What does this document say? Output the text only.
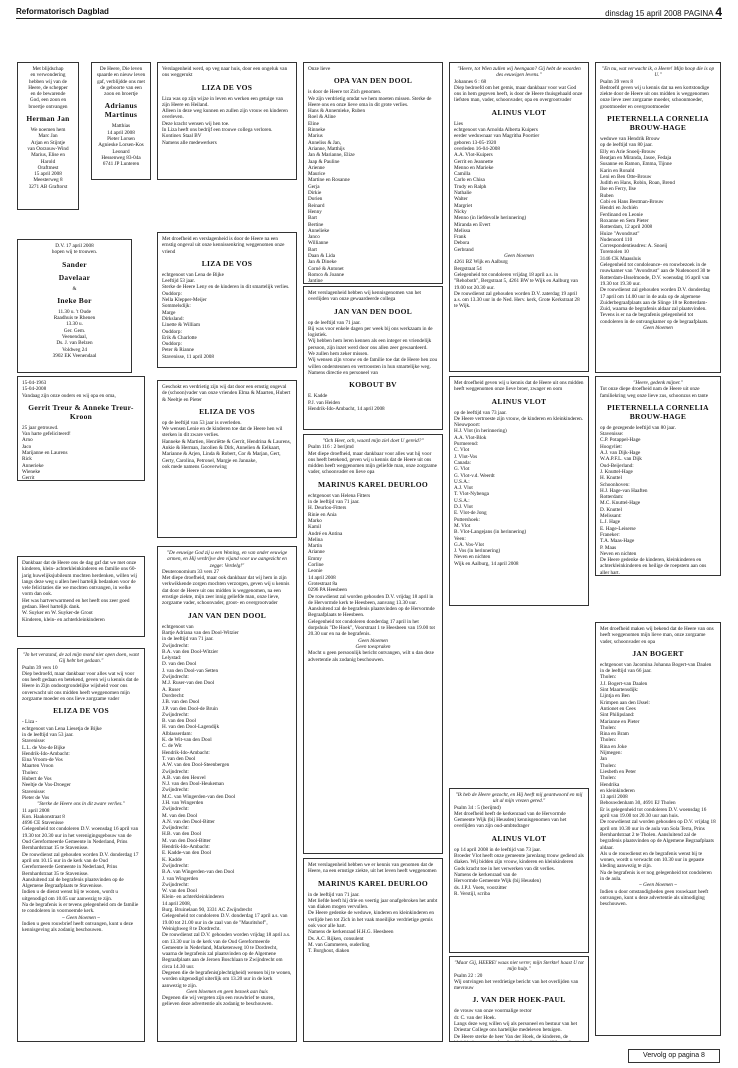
Reformatorisch Dagblad	dinsdag 15 april 2008 PAGINA 4
Met blijdschap
en verwondering
hebben wij van de
Heere, de schepper
en de bewarende
God, een zoon en
broertje ontvangen
Herman Jan
We noemen hem
Marc Jan
Arjan en Stijntje
van Oorzouw-Wind
Marius, Elise en
Harold
Oraftmest
15 april 2008
Meesterweg 8
3271 AB Graftorst
De Heere, Die leven
spaarde en nieuw leven
gaf, verblijdde ons met
de geboorte van een
zoon en broertje
Adrianus Martinus
Matthias
14 april 2008
Pieter Lorsen
Agnieske Lorsen-Kos
Leonard
Hessenweg 83-04a
6741 JP Lunteren
D.V. 17 april 2008
hopen wij te trouwen.
Sander
Davelaar
&
Ineke Bor
11.30 u. 't Oude
Raadhuis te Rhenen
13.30 u.
Ger. Gem.
Veenendaal,
Ds. J. van Belzen
Voldweg 24
3902 EK Veenendaal
15-04-1963
15-04-2008
Vandaag zijn onze ouders en wij opa en oma,
Gerrit Treur & Anneke Treur-Kroon
25 jaar getrouwd.
Van harte gefeliciteerd!
Arno
Jaco
Marijanne en Laurens
Rick
Annerieke
Wieneke
Gerrit
Dankbaar dat de Heere ons de dag gaf dat we met onze kinderen, klein- achterkleinkinderen en familie ons 60-jarig huwelijksjubileum mochten herdenken, willen wij langs deze weg u allen heel hartelijk bedanken voor de vele felicitaties die we mochten ontvangen, in welke vorm dan ook.
Het was hartverwarmend en het heeft ons zeer goed gedaan. Heel hartelijk dank.
W. Suyker en W. Suyker-de Groot
Kinderen, klein- en achterkleinkinderen
"In het verstand, de zal mijn mond niet open doen, want Gij hebt het gedaan."
Psalm 39 vers 10
Diep bedroefd, maar dankbaar voor alles wat wij voor ons heeft gedaan en betekend, geven wij u kennis dat de Heere in Zijn ondoorgrondelijke wijsheid voor ons onverwacht uit ons midden heeft weggenomen mijn zorgzame moeder en ons lieve zorgzame vader
ELIZA DE VOS
- Liza -
echtgenoot van Lena Liesetja de Bijke
in de leeftijd van 53 jaar.
Stavenisse:
L.L. de Vos-de Bijke
Hendrik-Ido-Ambacht:
Eina Vroom-de Vos
Maarten Vroon
Tholen:
Hubert de Vos
Neeltje de Vos-Droeger
Stavenisse:
Pieter de Vos
"Sterke de Heere ons in dit zware verlies."
11 april 2008
Kon. Haakonstraat 8
4696 CE Stavenisse
Gelegenheid tot condoleren D.V. woensdag 16 april van 19.30 tot 20.30 uur in het verenigingsgebouw van de Oud Gereformeerde Gemeente in Nederland, Prins Bernhardstraat 15 te Stavenisse.
De rouwdienst zal gehouden worden D.V. donderdag 17 april om 10.15 uur in de kerk van de Oud Gereformeerde Gemeente in Nederland, Prins Bernhardstraat 35 te Stavenisse.
Aansluitend zal de begrafenis plaatsvinden op de Algemene Begraafplaats te Stavenisse.
Indien u de dienst wenst bij te wonen, wordt u uitgenodigd om 10.05 uur aanwezig te zijn.
Na de begrafenis is er tevens gelegenheid om de familie te condoleren in voornoemde kerk.
~ Geen bloemen ~
Indien u geen rouwbrief heeft ontvangen, kunt u deze kennisgeving als zodanig beschouwen.
Verslagenheid werd, op veg naar huis, door een ongeluk van ons weggerukt
LIZA DE VOS
Liza was op zijn wijze in leven en werken een getuige van zijn Heere en Heiland.
Alleen in deze weg kunnen en zullen zijn vrouw en kinderen overleven.
Deze kracht wensen wij hen toe.
In Liza heeft ons bedrijf een trouwe collega verloren.
Kontinex Staal BV
Namens alle medewerkers
Met droefheid en verslagenheid is door de Heere na een ernstig ongeval uit onze kennissenkring weggenomen onze vriend
LIZA DE VOS
echtgenoot van Lena de Bijke
Leeftijd 53 jaar.
Sterke de Heere Leny en de kinderen in dit smartelijk verlies.
Ouddorp:
Nella Klepper-Meijer
Sommelsdijk:
Marge
Dirksland:
Linette & William
Ouddorp:
Erik & Charlotte
Ouddorp:
Peter & Rianne
Stavenisse, 11 april 2008
Geschokt en verdrietig zijn wij dat door een ernstig ongeval de (schoon)vader van onze vrienden Elma & Maarten, Hubert & Neeltje en Pieter
ELIZA DE VOS
op de leeftijd van 53 jaar is overleden.
We wensen Lenie en de kinderen toe dat de Heere hen wil sterken in dit zware verlies.
Hanneke & Martien, Henriëtte & Gerrit, Hendrina & Laurens, Ankie & Herman, Jacolien & Dirk, Annelien & Eelkaart, Marianne & Arjen, Linda & Robert, Cor & Marjan, Gert, Gerty, Carolina, Petronel, Margje en Jannake,
ook mede namens Gooverwing
"De eeuwige God zij u een Woning, en van onder eeuwige armen, en Hij verdrijve den vijand voor uw aangezicht en zegge: Verdelg!"
Deuteronomium 33 vers 27
Met diepe droefheid, maar ook dankbaar dat wij hem in zijn verkwikkende zorgen mochten verzorgen, geven wij u kennis dat door de Heere uit ons midden is weggenomen, na een ernstige ziekte, mijn zeer innig geliefde man, onze lieve, zorgzame vader, schoonvader, groot- en overgrootvader
JAN VAN DEN DOOL
echtgenoot van
Bartje Adriana van den Dool-Witzier
in de leeftijd van 71 jaar.
Zwijndrecht:
B.A. van den Dool-Witzier
Lelystad:
D. van den Dool
J. van den Dool-van Setten
Zwijndrecht:
M.J. Ruser-van den Dool
A. Ruser
Dordrecht:
J.B. van den Dool
J.P. van den Dool-de Bruin
Zwijndrecht:
B. van den Dool
H. van den Dool-Lagendijk
Alblasserdam:
K. de Wit-van den Dool
C. de Wit
Hendrik-Ido-Ambacht:
T. van den Dool
A.W. van den Dool-Steenbergen
Zwijndrecht:
A.B. van den Heuvel
N.J. van den Dool-Heukeman
Zwijndrecht:
M.C. van Wingerden-van den Dool
J.H. van Wingerden
Zwijndrecht:
M. van den Dool
A.N. van den Dool-Bitter
Zwijndrecht:
H.B. van den Dool
M. van den Dool-Bitter
Hendrik-Ido-Ambacht:
E. Kadde-van den Dool
K. Kadde
Zwijndrecht:
B.A. van Wingerden-van den Dool
J. van Wingerden
Zwijndrecht:
W. van den Dool
Klein- en achterkleinkinderen
14 april 2008,
Burg. Bruinelaan 90, 3331 AC Zwijndrecht
Gelegenheid tot condoleren D.V. donderdag 17 april a.s. van 19.00 tot 21.00 uur in de zaal van de "Mauritshof", Weinighweg 8 te Dordrecht.
De rouwdienst zal D.V. gehouden worden vrijdag 18 april a.s. om 13.30 uur in de kerk van de Oud Gereformeerde Gemeente in Nederland, Marketenweg 10 te Dordrecht, waarna de begrafenis zal plaatsvinden op de Algemene Begraafplaats aan de Jeroen Boschlaan te Zwijndrecht om circa 14.30 uur.
Degenen die de begrafenis(plechtigheid) wensen bij te wonen, worden uitgenodigd uiterlijk om 13.20 uur in de kerk aanwezig te zijn.
Geen bloemen en geen bezoek aan huis
Degenen die wij vergeten zijn een rouwbrief te sturen, gelieven deze advertentie als zodanig te beschouwen.
Onze lieve
OPA VAN DEN DOOL
is door de Heere tot Zich genomen.
We zijn verdrietig omdat we hem moeten missen. Sterke de Heere ons en onze lieve oma in dit grote verlies.
Hans & Annemieke, Ruben
Roel & Aline
Eline
Rinneke
Marius
Anneliss & Jan,
Arianne, Matthijs
Jan & Marianne, Elize
Jaap & Pauline
Arienne
Maurice
Martine en Rosanne
Gerja
Dirkie
Dorien
Reinard
Henny
Bart
Bertine
Annelieke
Janco
Willianne
Bart
Daan & Lida
Jan & Dineke
Corné & Antonet
Romco & Joanne
Jantine
Met verslagenheid hebben wij kennisgenomen van het overlijden van onze gewaardeerde collega
JAN VAN DEN DOOL
op de leeftijd van 71 jaar.
Bij was voor enkele dagen per week bij ons werkzaam in de logistiek.
Wij hebben hem leren kennen als een integer en vriendelijk persoon, zijn inzet werd door ons allen zeer gewaardeerd.
We zullen hem zeker missen.
Wij wensen zijn vrouw en de familie toe dat de Heere hen zou willen ondersteunen en vertroosten in hun smartelijke weg.
Namens directie en personeel van
KOBOUT BV
E. Kadde
P.J. van Heiden
Hendrik-Ido-Ambacht, 14 april 2008
"Och Heer, och, waard mijn ziel doet U gereid?"
Psalm 116 : 2 berijmd
Met diepe droefheid, maar dankbaar voor alles wat hij voor ons heeft betekend, geven wij u kennis dat de Heere uit ons midden heeft weggenomen mijn geliefde man, onze zorgzame vader, schoonvader en lieve opa
MARINUS KAREL DEURLOO
echtgenoot van Helena Fitters
in de leeftijd van 71 jaar.
H. Deurloo-Fitters
Rinie en Ania
Marko
Kamil
André en Antina
Melina
Martin
Arianne
Emmy
Corline
Leonie
14 april 2008
Grotestraat 8a
0296 PA Heesbeen
De rouwdienst zal worden gehouden D.V. vrijdag 18 april in de Hervormde kerk te Heesbeen, aanvang 13.30 uur.
Aansluitend zal de begrafenis plaatsvinden op de Hervormde Begraafplaats te Heesbeen.
Gelegenheid tot condoleren donderdag 17 april in het dorpshuis "De Hoek", Voorstraat 1 te Heesbeen van 19.00 tot 20.30 uur en na de begrafenis.
Geen bloemen
Geen toespraken
Mocht u geen persoonlijk bericht ontvangen, wilt u dan deze advertentie als zodanig beschouwen.
Met verslagenheid hebben we er kennis van genomen dat de Heere, na een ernstige ziekte, uit het leven heeft weggenomen
MARINUS KAREL DEURLOO
in de leeftijd van 71 jaar.
Met liefde heeft hij drie en veertig jaar onafgebroken het ambt van diaken mogen vervullen.
De Heere gedenke de weduwe, kinderen en kleinkinderen en verlijde hen tot Zich in het vaak moeilijke verdrietige gemis ook voor alle hart.
Namens de kerkenraad H.H.G. Heesbeen
Ds. A.C. Rijken, consulent
M. van Gammeren, ouderling
T. Burghout, diaken
"Heere, tot Wien zullen wij heengaan? Gij hebt de woorden des eeuwigen levens."
Johannes 6 : 68
Diep bedroefd om het gemis, maar dankbaar voor wat God ons in hem gegeven heeft, is door de Heere thuisgehaald onze liefsten man, vader, schoonvader, opa en overgrootvader
ALINUS VLOT
Lies
echtgenoot van Arnolda Alberta Kuipers
eerder weduwnaar van Magritha Poortier
geboren 13-05-1920
overleden 16-04-2008
A.A. Vlot-Kuipers
Gerrit en Jeannette
Menno en Marieke
Camilla
Carlo en Chisa
Trudy en Ralph
Nathalie
Walter
Margriet
Nicky
Menno (in liefdevolle herinnering)
Miranda en Evert
Melissa
Frank
Debora
Gerbrand
Geen bloemen
4261 BZ Wijk en Aalburg
Bergstraat 54
Gelegenheid tot condoleren vrijdag 18 april a.s. in "Rehoboth", Bergstraat 5, 4261 BW te Wijk en Aalburg van 19.00 tot 20.30 uur.
De rouwdienst zal gehouden worden D.V. zaterdag 19 april a.s. om 13.30 uur in de Ned. Herv. kerk, Grote Kerkstraat 28 te Wijk.
Met droefheid geven wij u kennis dat de Heere uit ons midden heeft weggenomen onze lieve broer, zwager en oom
ALINUS VLOT
op de leeftijd van 73 jaar.
De Heere vertroeste zijn vrouw, de kinderen en kleinkinderen.
Nieuwpoort:
H.J. Vlot (in herinnering)
A.A. Vlot-Blok
Purmerend:
C. Vlot
J. Vlot-Vos
Canada:
G. Vlot
G. Vlot-v.d. Weerdt
U.S.A.:
A.J. Vlot
T. Vlot-Nybenga
U.S.A.:
D.J. Vlot
E. Vlot-de Jong
Puttershoek:
M. Vlot
B. Vlot-Langejans (in herinnering)
Veen:
G.A. Vos-Vlot
J. Vos (in herinnering)
Neven en nichten
Wijk en Aalburg, 14 april 2008
"Ik heb de Heere gezocht, en Hij heeft mij geantwoord en mij uit al mijn vrezen gered."
Psalm 34 : 5 (berijmd)
Met droefheid heeft de kerkenraad van de Hervormde Gemeente Wijk (bij Heusden) kennisgenomen van het overlijden van zijn oud-ambtsdrager
ALINUS VLOT
op 14 april 2008 in de leeftijd van 73 jaar.
Broeder Vlot heeft onze gemeente jarenlang trouw gediend als diaken. Wij bidden zijn vrouw, kinderen en kleinkinderen Gods kracht toe in het verwerken van dit verlies.
Namens de kerkenraad van de
Hervormde Gemeente Wijk (bij Heusden)
ds. J.P.J. Voets, voorzitter
R. Verstijl, scriba
"Maar Gij, HEERE! waas niet verre; mijn Sterkte! haast U tot mijn hulp."
Psalm 22 : 20
Wij ontvingen het verdrietige bericht van het overlijden van mevrouw
J. VAN DER HOEK-PAUL
de vrouw van onze voormalige rector
dr. C. van der Hoek.
Langs deze weg willen wij als personeel en bestuur van het Driestar College ons hartelijke medeleven betuigen.
De Heere sterke de heer Van der Hoek, de kinderen, de
"En nu, wat verwacht ik, o Heere! Mijn hoop die is op U."
Psalm 39 vers 8
Bedroefd geven wij u kennis dat na een kortstondige ziekte door de Heere uit ons midden is weggenomen onze lieve zeer zorgzame moeder, schoonmoeder, grootmoeder en overgrootmoeder
PIETERNELLA CORNELIA BROUW-HAGE
weduwe van Hendrik Brouw
op de leeftijd van 80 jaar.
Elly en Arie Snoeij-Brouw
Beatjan en Miranda, Jasoe, Fedaja
Susanne en Ramon, Emma, Tijnne
Karin en Ronald
Leni en Ben Otte-Brouw
Judith en Hans, Robin, Roan, Brend
Ilse en Ferry, Ilse
Ruben
Cobi en Hans Bestman-Brouw
Hendri en Jochién
Ferdinand en Leonie
Roxanne en Sem Pieter
Rotterdam, 12 april 2008
Huize "Avondrust"
Nudenoord 110
Correspondentieadres: A. Snoeij
Toremolen 10
3146 CK Maassluis
Gelegenheid tot condoleance- en rouwbezoek in de rouwkamer van "Avondrust" aan de Nudenoord 30 te Rotterdam-IJsselmonde, D.V. woensdag 16 april van 19.30 tot 19.30 uur.
De rouwdienst zal gehouden worden D.V. donderdag 17 april om 14.00 uur in de aula op de algemene Zuiderbegraafplaats aan de Slinge 18 te Rotterdam-Zuid, waarna de begrafenis aldaar zal plaatsvinden.
Tevens is er na de begrafenis gelegenheid tot condoleren in de ontvangkamer op de begraafplaats.
Geen bloemen
"Heere, gedenk mijner."
Tot onze diepe droefheid nam de Heere uit onze familiekring weg onze lieve zus, schoonzus en tante
PIETERNELLA CORNELIA BROUW-HAGE
op de gezegende leeftijd van 80 jaar.
Stavenisse:
C.P. Potappel-Hage
Hoogvliet:
A.J. van Dijk-Hage
W.A.P.F.L. van Dijk
Oud-Beijerland:
J. Knuttel-Hage
H. Knuttel
Schoonhoven:
H.J. Hage-van Haaften
Rotterdam:
M.C. Knuttel-Hage
D. Knuttel
Melissant:
L.J. Hage
E. Hage-Leiserse
Franeker:
T.A. Maas-Hage
P. Maas
Neven en nichten
De Heere gedenke de kinderen, kleinkinderen en achterkleinkinderen en heilige de roepstem aan ons aller hart.
Met droefheid maken wij bekend dat de Heere van ons heeft weggenomen mijn lieve man, onze zorgzame vader, schoonvader en opa
JAN BOGERT
echtgenoot van Jacomina Johanna Bogert-van Daalen
in de leeftijd van 66 jaar.
Tholen:
J.J. Bogert-van Daalen
Sint Maartensdijk:
Lijntja en Ben
Krimpen aan den IJssel:
Antionet en Cees
Sint Philipsland:
Marianne en Pieter
Tholen:
Rina en Bram
Tholen:
Rina en Joke
Nijmegen:
Jan
Tholen:
Liesbeth en Peter
Tholen:
Hendrika
en kleinkinderen
13 april 2008
Bebouwdenham 30, 4691 EJ Tholen
Er is gelegenheid tot condoleren D.V. woensdag 16 april van 19.00 tot 20.30 uur aan huis.
De rouwdienst zal worden gehouden op D.V. vrijdag 18 april om 10.30 uur in de aula van Sola Terra, Prins Bernhardstraat 2 te Tholen. Aansluitend zal de begrafenis plaatsvinden op de Algemene Begraafplaats aldaar.
Als u de rouwdienst en de begrafenis wenst bij te wonen, wordt u verwacht om 10.30 uur in gepaste kleding aanwezig te zijn.
Na de begrafenis is er nog gelegenheid tot condoleren in de aula.
~ Geen bloemen ~
Indien u door omstandigheden geen rouwkaart heeft ontvangen, kunt u deze advertentie als uitnodiging beschouwen.
Vervolg op pagina 8
